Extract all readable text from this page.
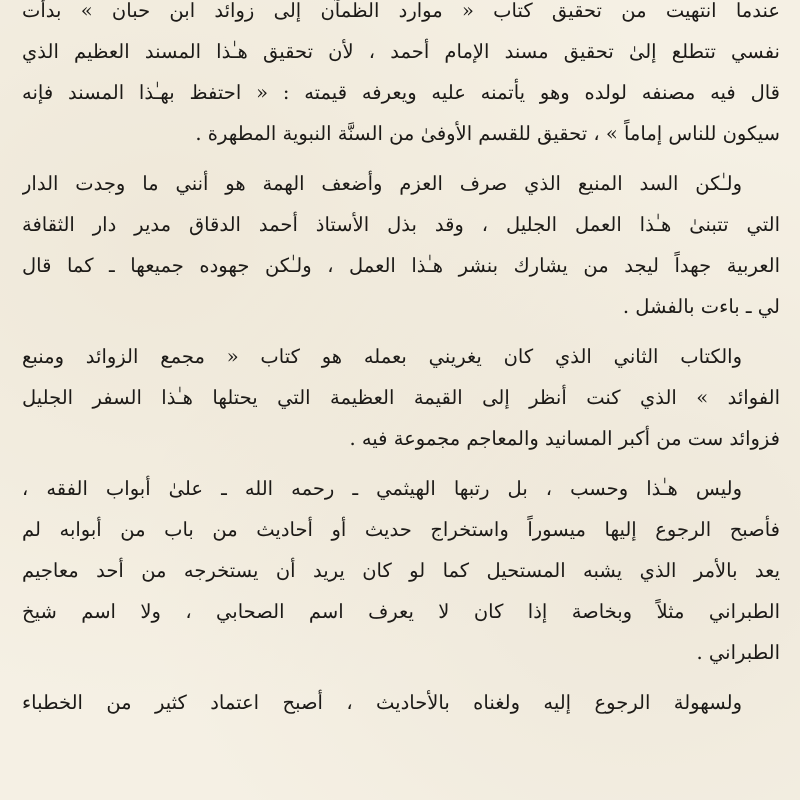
عندما انتهيت من تحقيق كتاب « موارد الظمآن إلى زوائد ابن حبان » بدأت
نفسي تتطلع إلىٰ تحقيق مسند الإمام أحمد ، لأن تحقيق هـٰذا المسند العظيم الذي
قال فيه مصنفه لولده وهو يأتمنه عليه ويعرفه قيمته : « احتفظ بهـٰذا المسند فإنه
سيكون للناس إماماً » ، تحقيق للقسم الأوفىٰ من السنَّة النبوية المطهرة .
ولـٰكن السد المنيع الذي صرف العزم وأضعف الهمة هو أنني ما وجدت الدار
التي تتبنىٰ هـٰذا العمل الجليل ، وقد بذل الأستاذ أحمد الدقاق مدير دار الثقافة
العربية جهداً ليجد من يشارك بنشر هـٰذا العمل ، ولـٰكن جهوده جميعها ـ كما قال
لي ـ باءت بالفشل .
والكتاب الثاني الذي كان يغريني بعمله هو كتاب « مجمع الزوائد ومنبع
الفوائد » الذي كنت أنظر إلى القيمة العظيمة التي يحتلها هـٰذا السفر الجليل
فزوائد ست من أكبر المسانيد والمعاجم مجموعة فيه .
وليس هـٰذا وحسب ، بل رتبها الهيثمي ـ رحمه الله ـ علىٰ أبواب الفقه ،
فأصبح الرجوع إليها ميسوراً واستخراج حديث أو أحاديث من باب من أبوابه لم
يعد بالأمر الذي يشبه المستحيل كما لو كان يريد أن يستخرجه من أحد معاجيم
الطبراني مثلاً وبخاصة إذا كان لا يعرف اسم الصحابي ، ولا اسم شيخ
الطبراني .
ولسهولة الرجوع إليه ولغناه بالأحاديث ، أصبح اعتماد كثير من الخطباء
